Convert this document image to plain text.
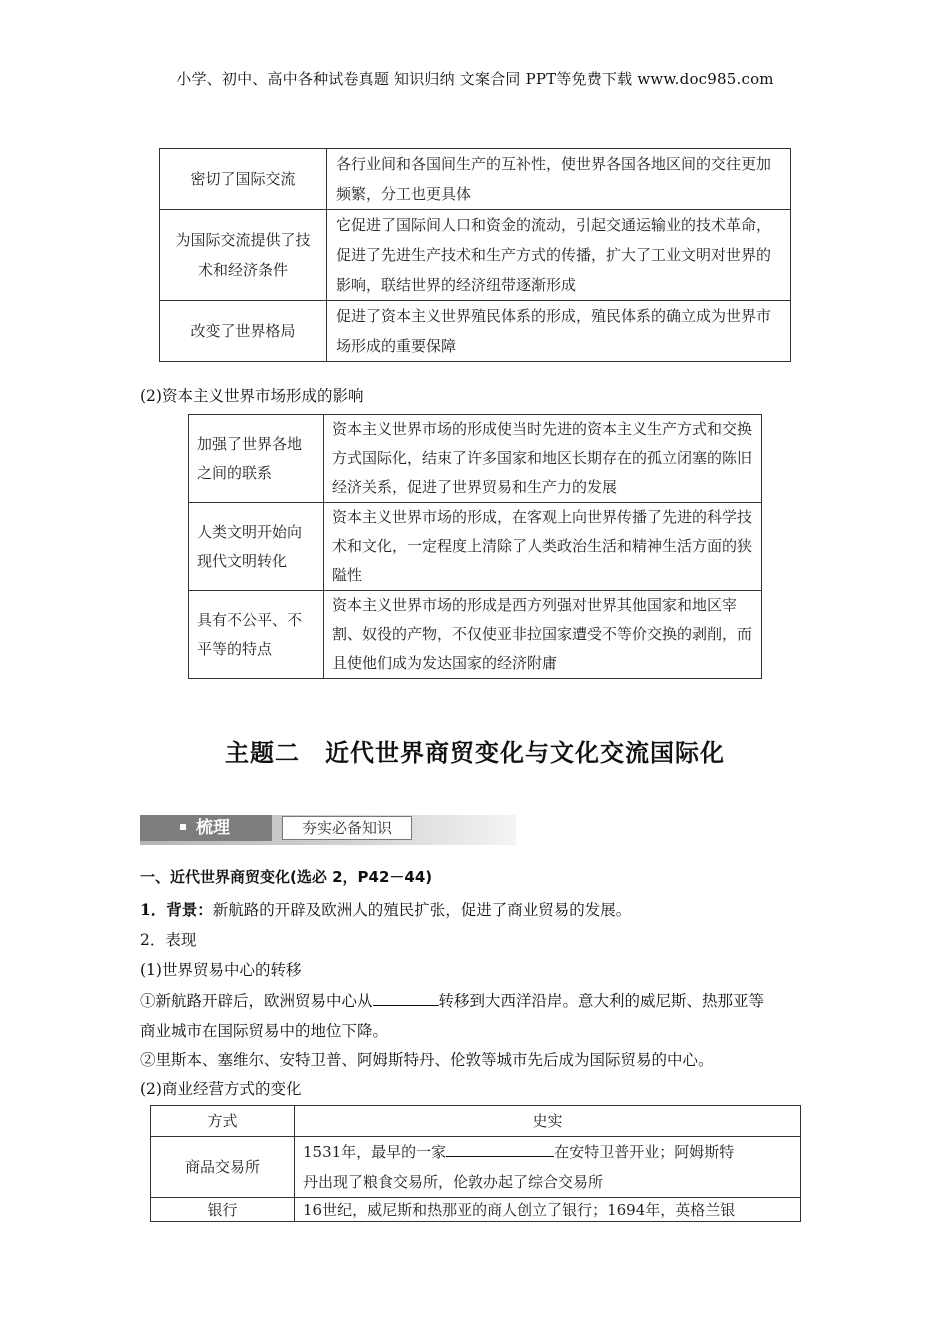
小学、初中、高中各种试卷真题 知识归纳 文案合同 PPT等免费下载 www.doc985.com
密切了国际交流	各行业间和各国间生产的互补性，使世界各国各地区间的交往更加频繁，分工也更具体
为国际交流提供了技术和经济条件	它促进了国际间人口和资金的流动，引起交通运输业的技术革命，促进了先进生产技术和生产方式的传播，扩大了工业文明对世界的影响，联结世界的经济纽带逐渐形成
改变了世界格局	促进了资本主义世界殖民体系的形成，殖民体系的确立成为世界市场形成的重要保障
(2)资本主义世界市场形成的影响
加强了世界各地之间的联系	资本主义世界市场的形成使当时先进的资本主义生产方式和交换方式国际化，结束了许多国家和地区长期存在的孤立闭塞的陈旧经济关系，促进了世界贸易和生产力的发展
人类文明开始向现代文明转化	资本主义世界市场的形成，在客观上向世界传播了先进的科学技术和文化，一定程度上清除了人类政治生活和精神生活方面的狭隘性
具有不公平、不平等的特点	资本主义世界市场的形成是西方列强对世界其他国家和地区宰割、奴役的产物，不仅使亚非拉国家遭受不等价交换的剥削，而且使他们成为发达国家的经济附庸
主题二　近代世界商贸变化与文化交流国际化
梳理	夯实必备知识
一、近代世界商贸变化(选必 2，P42－44)
1．背景：新航路的开辟及欧洲人的殖民扩张，促进了商业贸易的发展。
2．表现
(1)世界贸易中心的转移
①新航路开辟后，欧洲贸易中心从	转移到大西洋沿岸。意大利的威尼斯、热那亚等
商业城市在国际贸易中的地位下降。
②里斯本、塞维尔、安特卫普、阿姆斯特丹、伦敦等城市先后成为国际贸易的中心。
(2)商业经营方式的变化
方式	史实
商品交易所	1531年，最早的一家 在安特卫普开业；阿姆斯特
丹出现了粮食交易所，伦敦办起了综合交易所
银行	16世纪，威尼斯和热那亚的商人创立了银行；1694年，英格兰银
